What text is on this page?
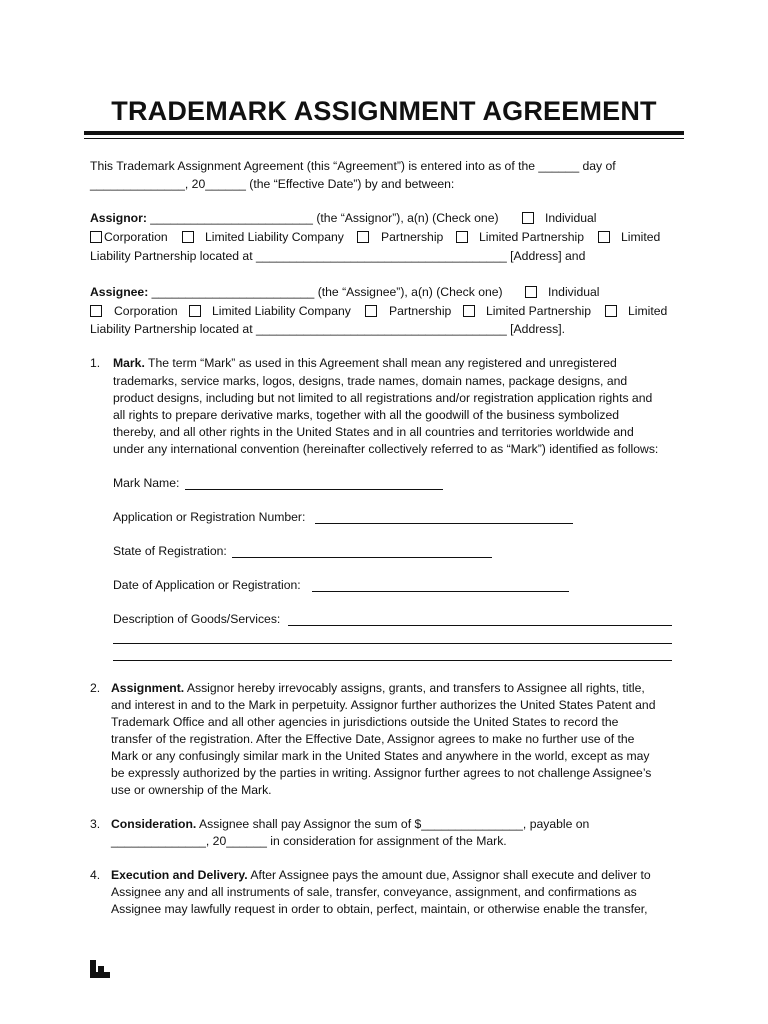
TRADEMARK ASSIGNMENT AGREEMENT
This Trademark Assignment Agreement (this “Agreement”) is entered into as of the ______ day of
______________, 20______ (the “Effective Date”) by and between:
Assignor: ________________________ (the “Assignor”), a(n) (Check one)	Individual
Corporation	Limited Liability Company	Partnership	Limited Partnership	Limited
Liability Partnership located at _____________________________________ [Address] and
Assignee: ________________________ (the “Assignee”), a(n) (Check one)	Individual
Corporation	Limited Liability Company	Partnership	Limited Partnership	Limited
Liability Partnership located at _____________________________________ [Address].
1. Mark. The term “Mark” as used in this Agreement shall mean any registered and unregistered
trademarks, service marks, logos, designs, trade names, domain names, package designs, and
product designs, including but not limited to all registrations and/or registration application rights and
all rights to prepare derivative marks, together with all the goodwill of the business symbolized
thereby, and all other rights in the United States and in all countries and territories worldwide and
under any international convention (hereinafter collectively referred to as “Mark”) identified as follows:
Mark Name:
Application or Registration Number:
State of Registration:
Date of Application or Registration:
Description of Goods/Services:
2. Assignment. Assignor hereby irrevocably assigns, grants, and transfers to Assignee all rights, title,
and interest in and to the Mark in perpetuity. Assignor further authorizes the United States Patent and
Trademark Office and all other agencies in jurisdictions outside the United States to record the
transfer of the registration. After the Effective Date, Assignor agrees to make no further use of the
Mark or any confusingly similar mark in the United States and anywhere in the world, except as may
be expressly authorized by the parties in writing. Assignor further agrees to not challenge Assignee’s
use or ownership of the Mark.
3. Consideration. Assignee shall pay Assignor the sum of $_______________, payable on
______________, 20______ in consideration for assignment of the Mark.
4. Execution and Delivery. After Assignee pays the amount due, Assignor shall execute and deliver to
Assignee any and all instruments of sale, transfer, conveyance, assignment, and confirmations as
Assignee may lawfully request in order to obtain, perfect, maintain, or otherwise enable the transfer,
